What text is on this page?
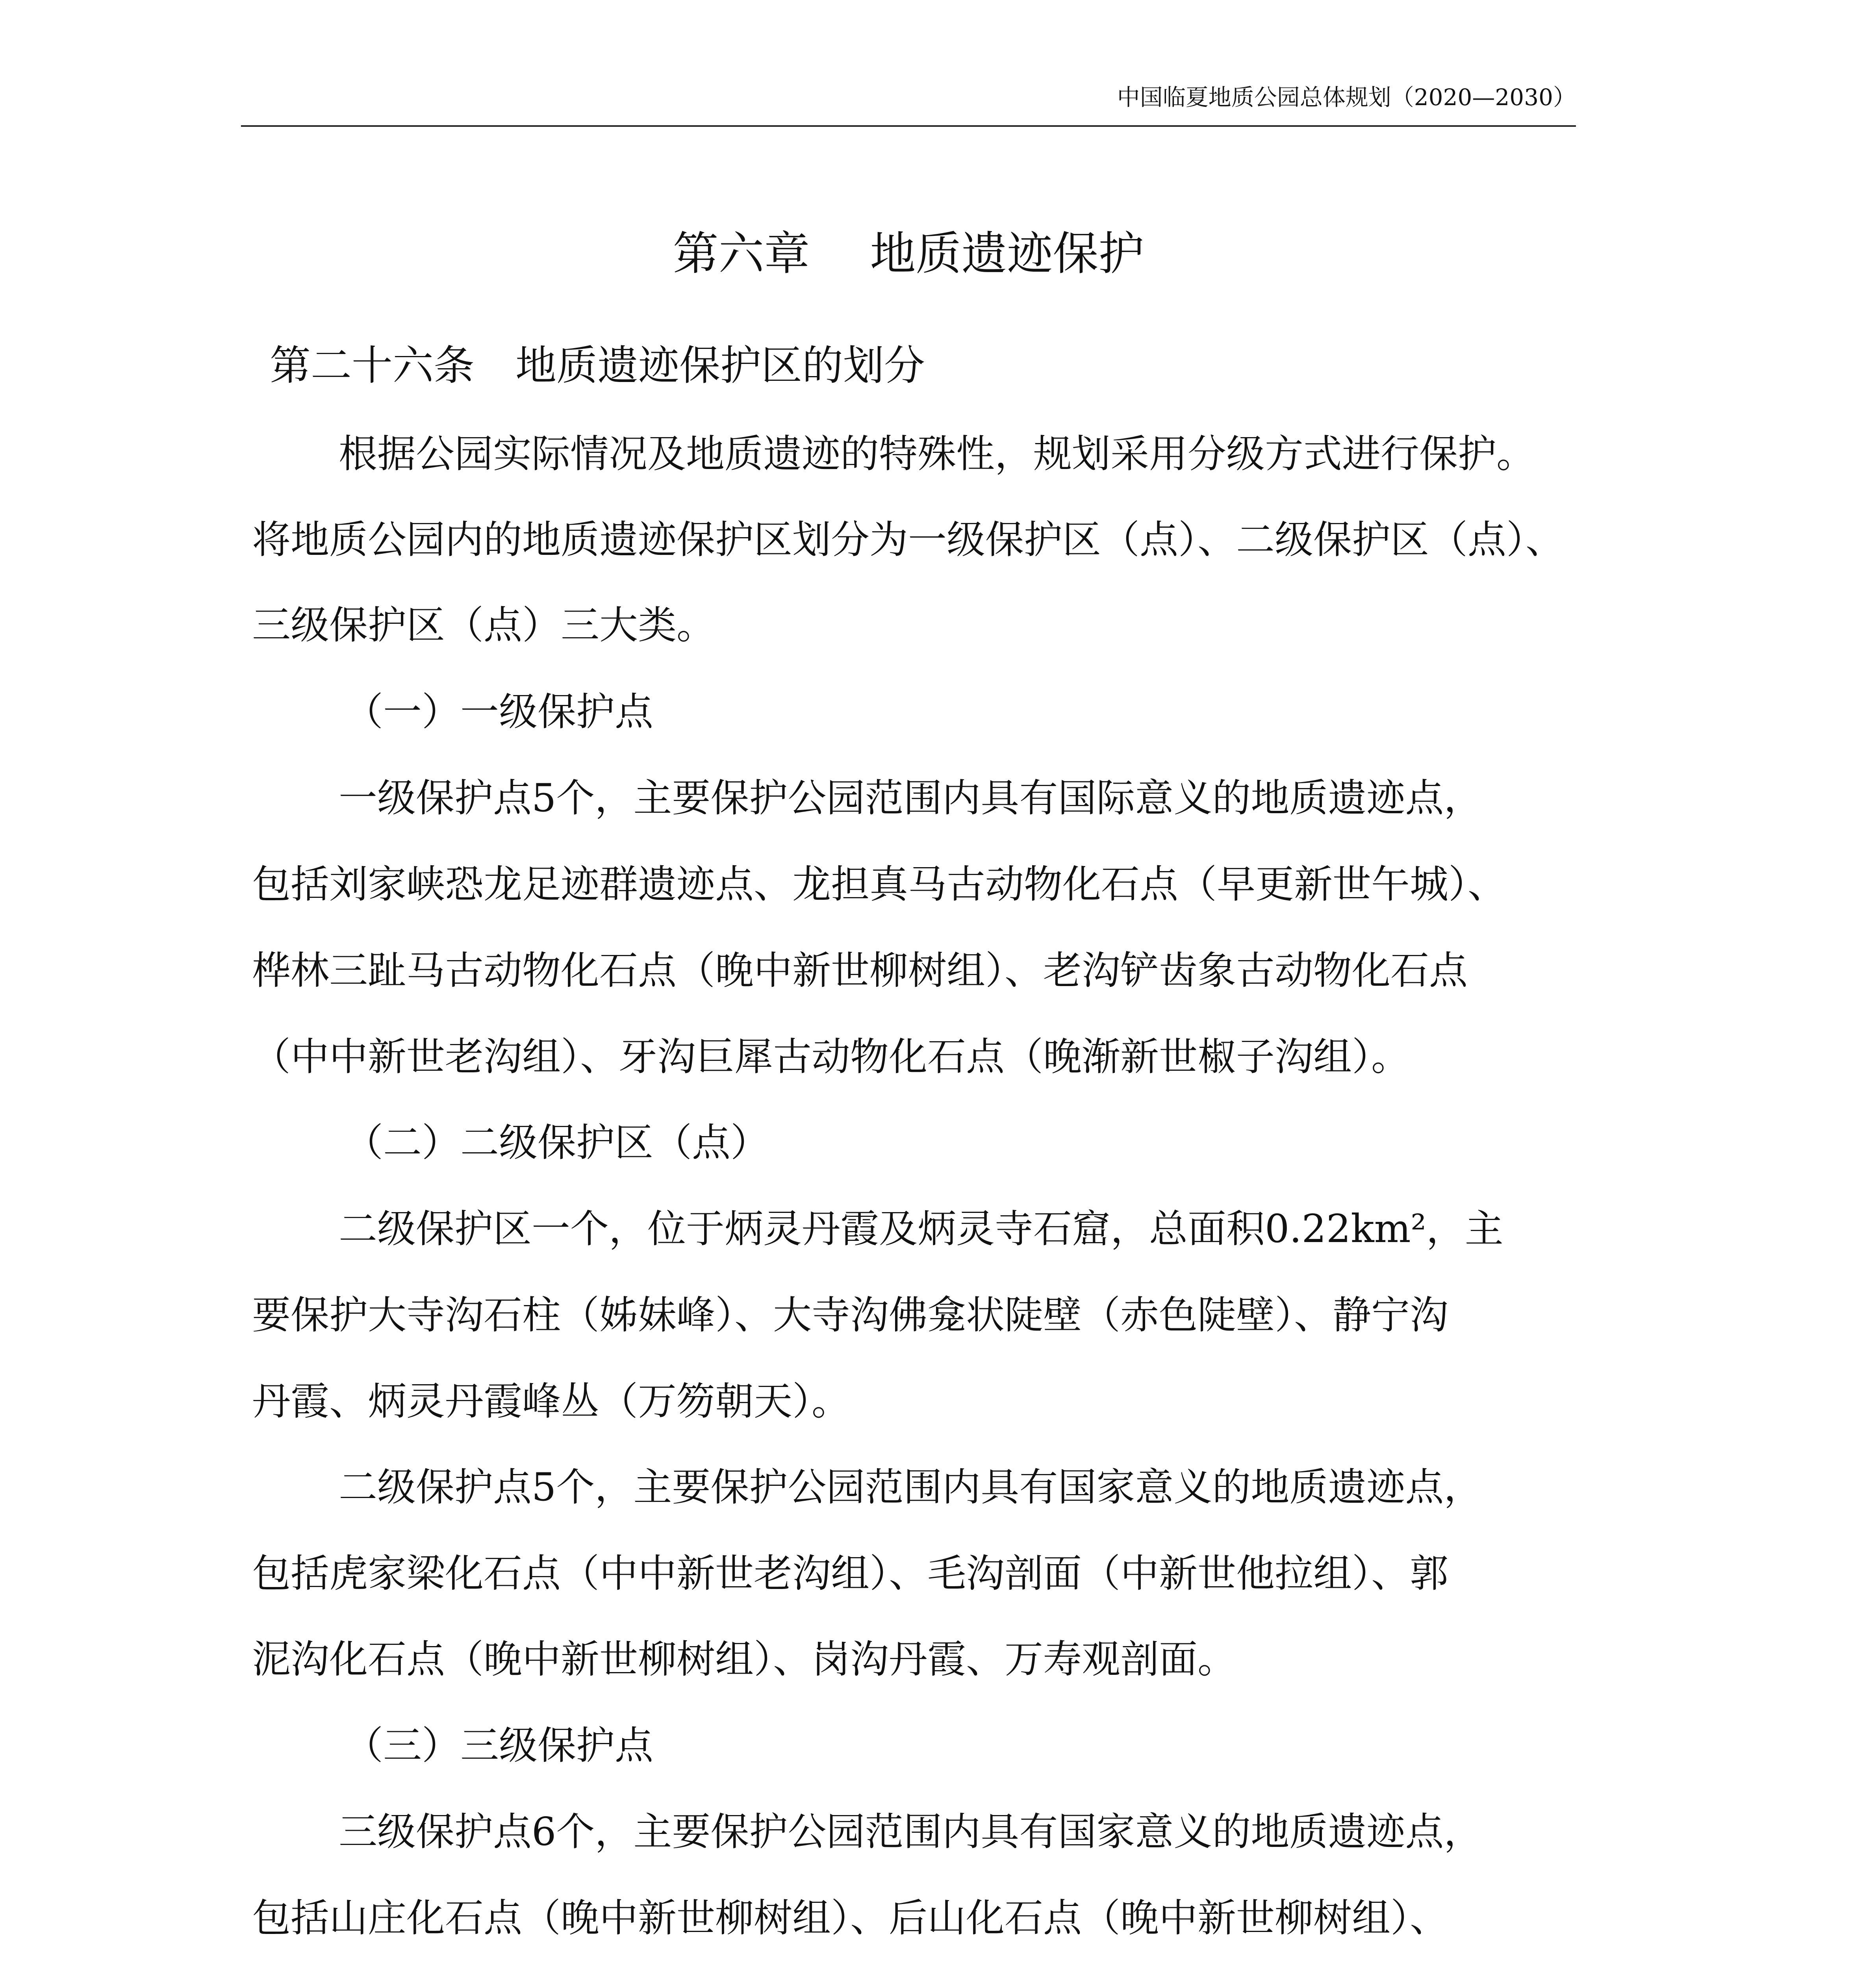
中国临夏地质公园总体规划（2020—2030）
第六章　 地质遗迹保护
第二十六条　地质遗迹保护区的划分
根据公园实际情况及地质遗迹的特殊性，规划采用分级方式进行保护。
将地质公园内的地质遗迹保护区划分为一级保护区（点）、二级保护区（点）、
三级保护区（点）三大类。
（一）一级保护点
一级保护点5个，主要保护公园范围内具有国际意义的地质遗迹点，
包括刘家峡恐龙足迹群遗迹点、龙担真马古动物化石点（早更新世午城）、
桦林三趾马古动物化石点（晚中新世柳树组）、老沟铲齿象古动物化石点
（中中新世老沟组）、牙沟巨犀古动物化石点（晚渐新世椒子沟组）。
（二）二级保护区（点）
二级保护区一个，位于炳灵丹霞及炳灵寺石窟，总面积0.22km²，主
要保护大寺沟石柱（姊妹峰）、大寺沟佛龛状陡壁（赤色陡壁）、静宁沟
丹霞、炳灵丹霞峰丛（万笏朝天）。
二级保护点5个，主要保护公园范围内具有国家意义的地质遗迹点，
包括虎家梁化石点（中中新世老沟组）、毛沟剖面（中新世他拉组）、郭
泥沟化石点（晚中新世柳树组）、岗沟丹霞、万寿观剖面。
（三）三级保护点
三级保护点6个，主要保护公园范围内具有国家意义的地质遗迹点，
包括山庄化石点（晚中新世柳树组）、后山化石点（晚中新世柳树组）、
